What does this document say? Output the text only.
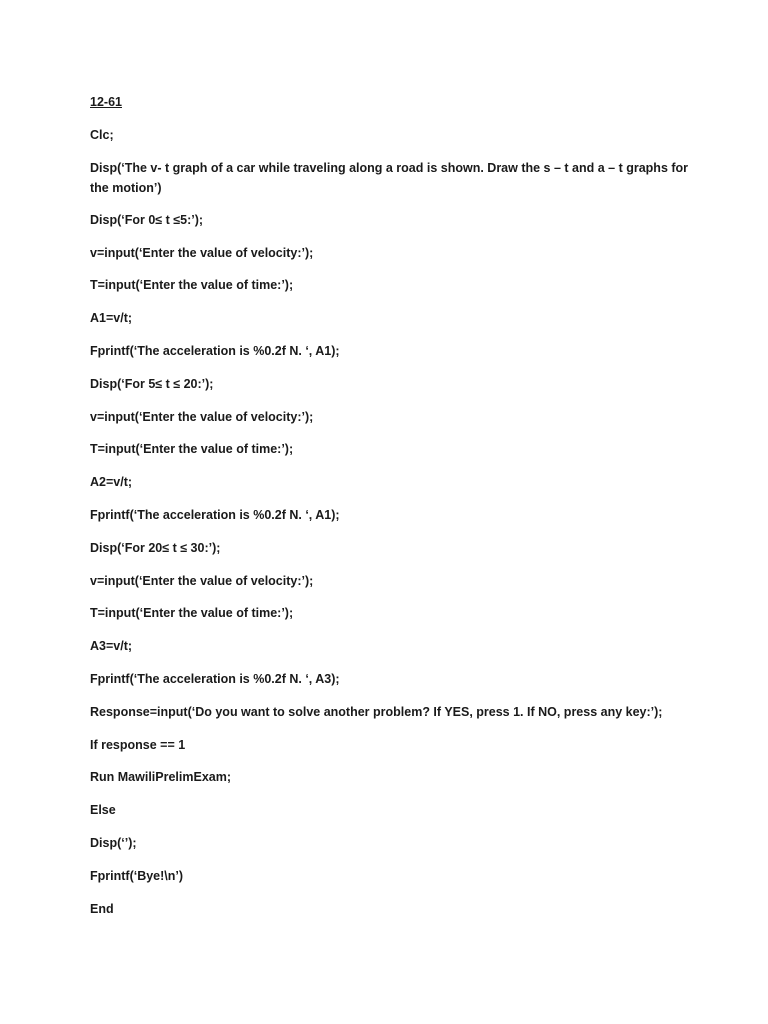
12-61
Clc;
Disp(‘The v- t graph of a car while traveling along a road is shown. Draw the s – t and a – t graphs for the motion’)
Disp(‘For 0≤ t ≤5:’);
v=input(‘Enter the value of velocity:’);
T=input(‘Enter the value of time:’);
A1=v/t;
Fprintf(‘The acceleration is %0.2f N. ‘, A1);
Disp(‘For 5≤ t ≤ 20:’);
v=input(‘Enter the value of velocity:’);
T=input(‘Enter the value of time:’);
A2=v/t;
Fprintf(‘The acceleration is %0.2f N. ‘, A1);
Disp(‘For 20≤ t ≤ 30:’);
v=input(‘Enter the value of velocity:’);
T=input(‘Enter the value of time:’);
A3=v/t;
Fprintf(‘The acceleration is %0.2f N. ‘, A3);
Response=input(‘Do you want to solve another problem? If YES, press 1. If NO, press any key:’);
If response == 1
Run MawiliPrelimExam;
Else
Disp(‘’);
Fprintf(‘Bye!\n’)
End
